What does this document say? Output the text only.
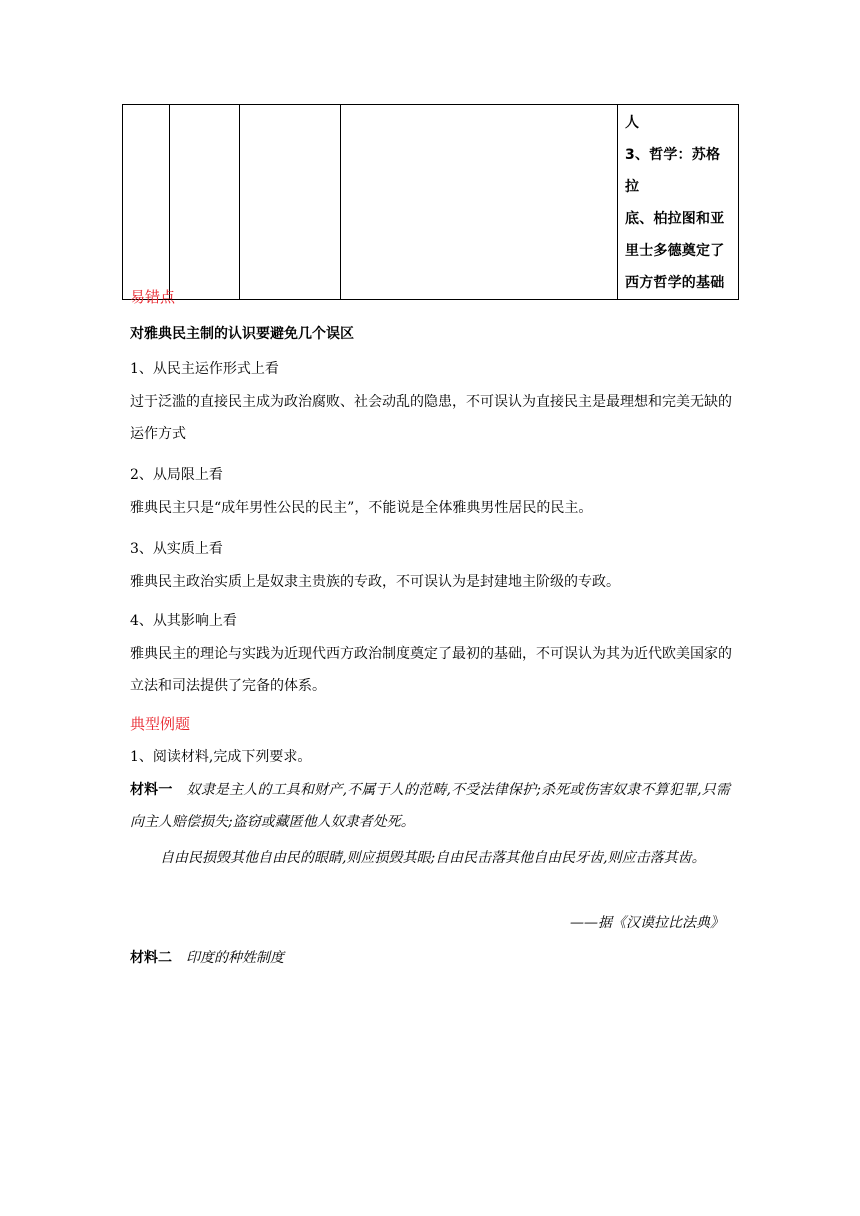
人
3、哲学：苏格拉
底、柏拉图和亚
里士多德奠定了
西方哲学的基础
易错点
对雅典民主制的认识要避免几个误区
1、从民主运作形式上看
过于泛滥的直接民主成为政治腐败、社会动乱的隐患，不可误认为直接民主是最理想和完美无缺的运作方式
2、从局限上看
雅典民主只是“成年男性公民的民主”，不能说是全体雅典男性居民的民主。
3、从实质上看
雅典民主政治实质上是奴隶主贵族的专政，不可误认为是封建地主阶级的专政。
4、从其影响上看
雅典民主的理论与实践为近现代西方政治制度奠定了最初的基础，不可误认为其为近代欧美国家的立法和司法提供了完备的体系。
典型例题
1、阅读材料,完成下列要求。
材料一 奴隶是主人的工具和财产,不属于人的范畴,不受法律保护;杀死或伤害奴隶不算犯罪,只需向主人赔偿损失;盗窃或藏匿他人奴隶者处死。
自由民损毁其他自由民的眼睛,则应损毁其眼;自由民击落其他自由民牙齿,则应击落其齿。
——据《汉谟拉比法典》
材料二 印度的种姓制度
